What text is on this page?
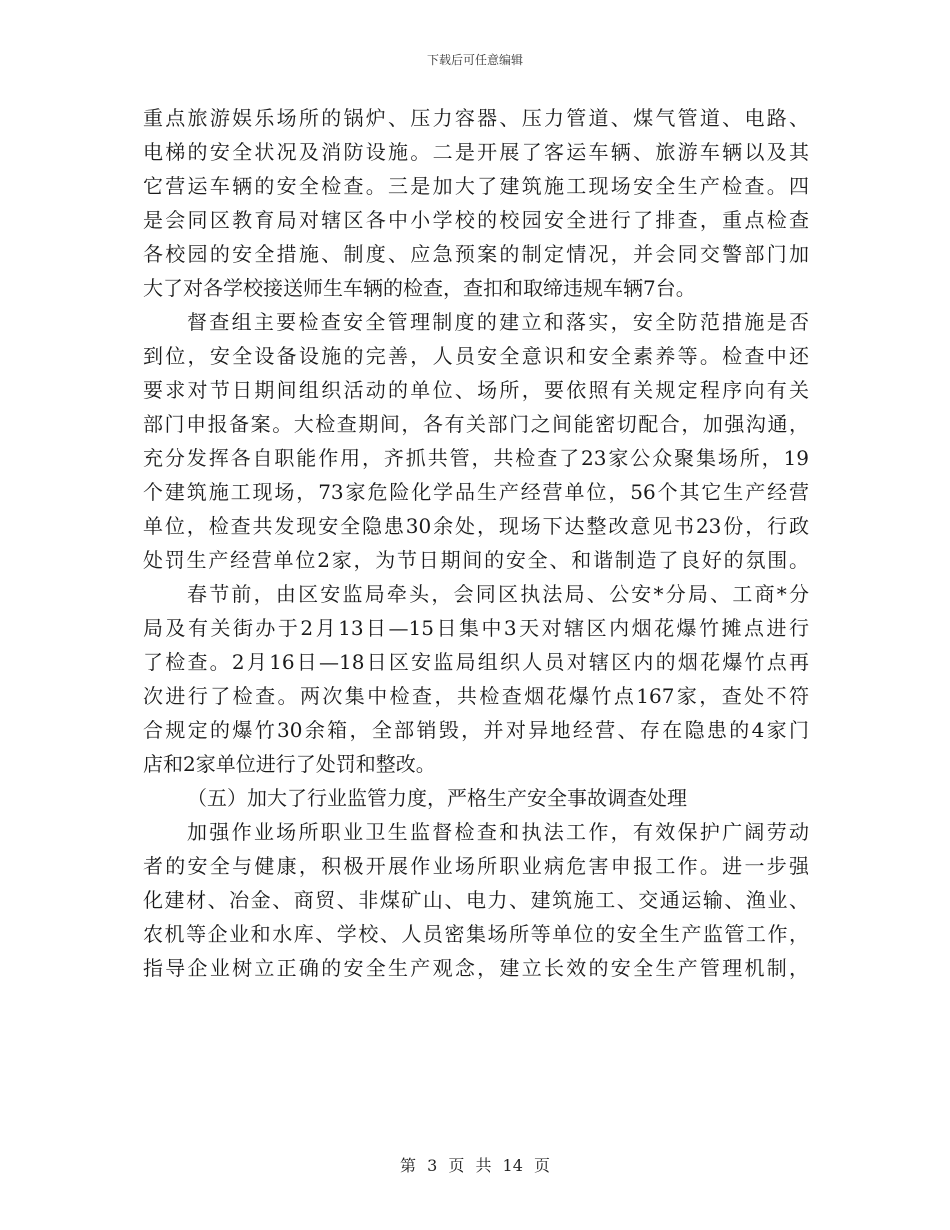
下载后可任意编辑
重点旅游娱乐场所的锅炉、压力容器、压力管道、煤气管道、电路、
电梯的安全状况及消防设施。二是开展了客运车辆、旅游车辆以及其
它营运车辆的安全检查。三是加大了建筑施工现场安全生产检查。四
是会同区教育局对辖区各中小学校的校园安全进行了排查，重点检查
各校园的安全措施、制度、应急预案的制定情况，并会同交警部门加
大了对各学校接送师生车辆的检查，查扣和取缔违规车辆7台。
督查组主要检查安全管理制度的建立和落实，安全防范措施是否
到位，安全设备设施的完善，人员安全意识和安全素养等。检查中还
要求对节日期间组织活动的单位、场所，要依照有关规定程序向有关
部门申报备案。大检查期间，各有关部门之间能密切配合，加强沟通，
充分发挥各自职能作用，齐抓共管，共检查了23家公众聚集场所，19
个建筑施工现场，73家危险化学品生产经营单位，56个其它生产经营
单位，检查共发现安全隐患30余处，现场下达整改意见书23份，行政
处罚生产经营单位2家，为节日期间的安全、和谐制造了良好的氛围。
春节前，由区安监局牵头，会同区执法局、公安*分局、工商*分
局及有关街办于2月13日—15日集中3天对辖区内烟花爆竹摊点进行
了检查。2月16日—18日区安监局组织人员对辖区内的烟花爆竹点再
次进行了检查。两次集中检查，共检查烟花爆竹点167家，查处不符
合规定的爆竹30余箱，全部销毁，并对异地经营、存在隐患的4家门
店和2家单位进行了处罚和整改。
（五）加大了行业监管力度，严格生产安全事故调查处理
加强作业场所职业卫生监督检查和执法工作，有效保护广阔劳动
者的安全与健康，积极开展作业场所职业病危害申报工作。进一步强
化建材、冶金、商贸、非煤矿山、电力、建筑施工、交通运输、渔业、
农机等企业和水库、学校、人员密集场所等单位的安全生产监管工作，
指导企业树立正确的安全生产观念，建立长效的安全生产管理机制，
第 3 页 共 14 页
